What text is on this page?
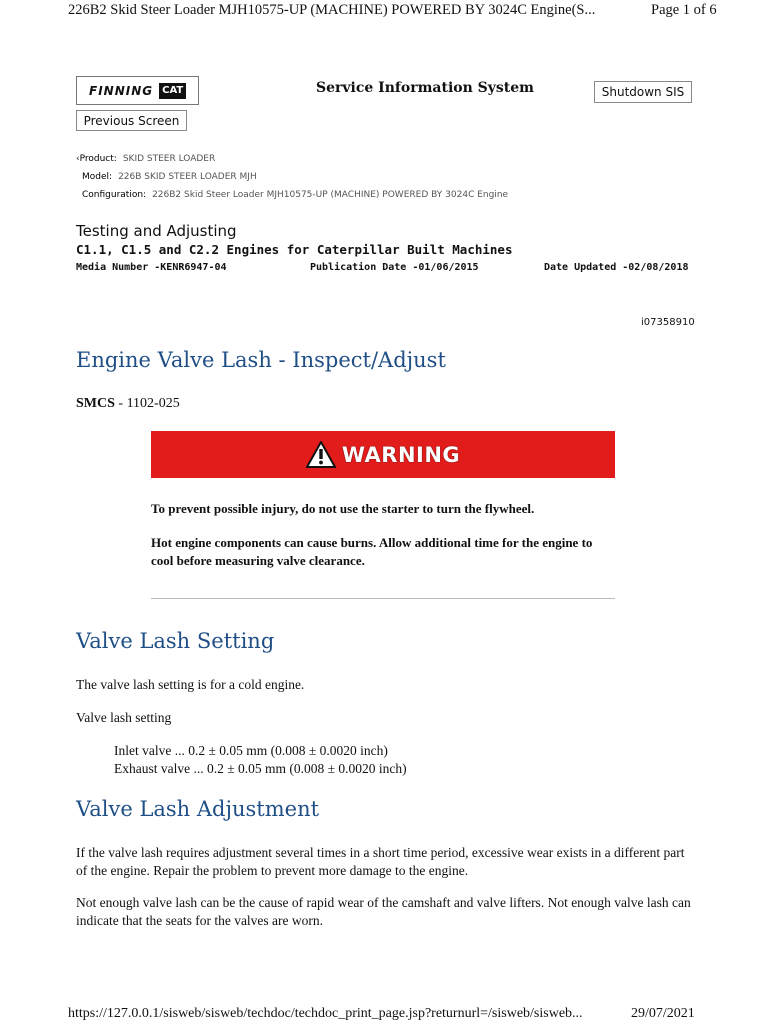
226B2 Skid Steer Loader MJH10575-UP (MACHINE) POWERED BY 3024C Engine(S...	Page 1 of 6
FINNING CAT	Service Information System	Shutdown SIS
Previous Screen
‹Product: SKID STEER LOADER
Model: 226B SKID STEER LOADER MJH
Configuration: 226B2 Skid Steer Loader MJH10575-UP (MACHINE) POWERED BY 3024C Engine
Testing and Adjusting
C1.1, C1.5 and C2.2 Engines for Caterpillar Built Machines
Media Number -KENR6947-04	Publication Date -01/06/2015	Date Updated -02/08/2018
i07358910
Engine Valve Lash - Inspect/Adjust
SMCS - 1102-025
WARNING
To prevent possible injury, do not use the starter to turn the flywheel.
Hot engine components can cause burns. Allow additional time for the engine to cool before measuring valve clearance.
Valve Lash Setting
The valve lash setting is for a cold engine.
Valve lash setting
Inlet valve ... 0.2 ± 0.05 mm (0.008 ± 0.0020 inch)
Exhaust valve ... 0.2 ± 0.05 mm (0.008 ± 0.0020 inch)
Valve Lash Adjustment
If the valve lash requires adjustment several times in a short time period, excessive wear exists in a different part of the engine. Repair the problem to prevent more damage to the engine.
Not enough valve lash can be the cause of rapid wear of the camshaft and valve lifters. Not enough valve lash can indicate that the seats for the valves are worn.
https://127.0.0.1/sisweb/sisweb/techdoc/techdoc_print_page.jsp?returnurl=/sisweb/sisweb...	29/07/2021
